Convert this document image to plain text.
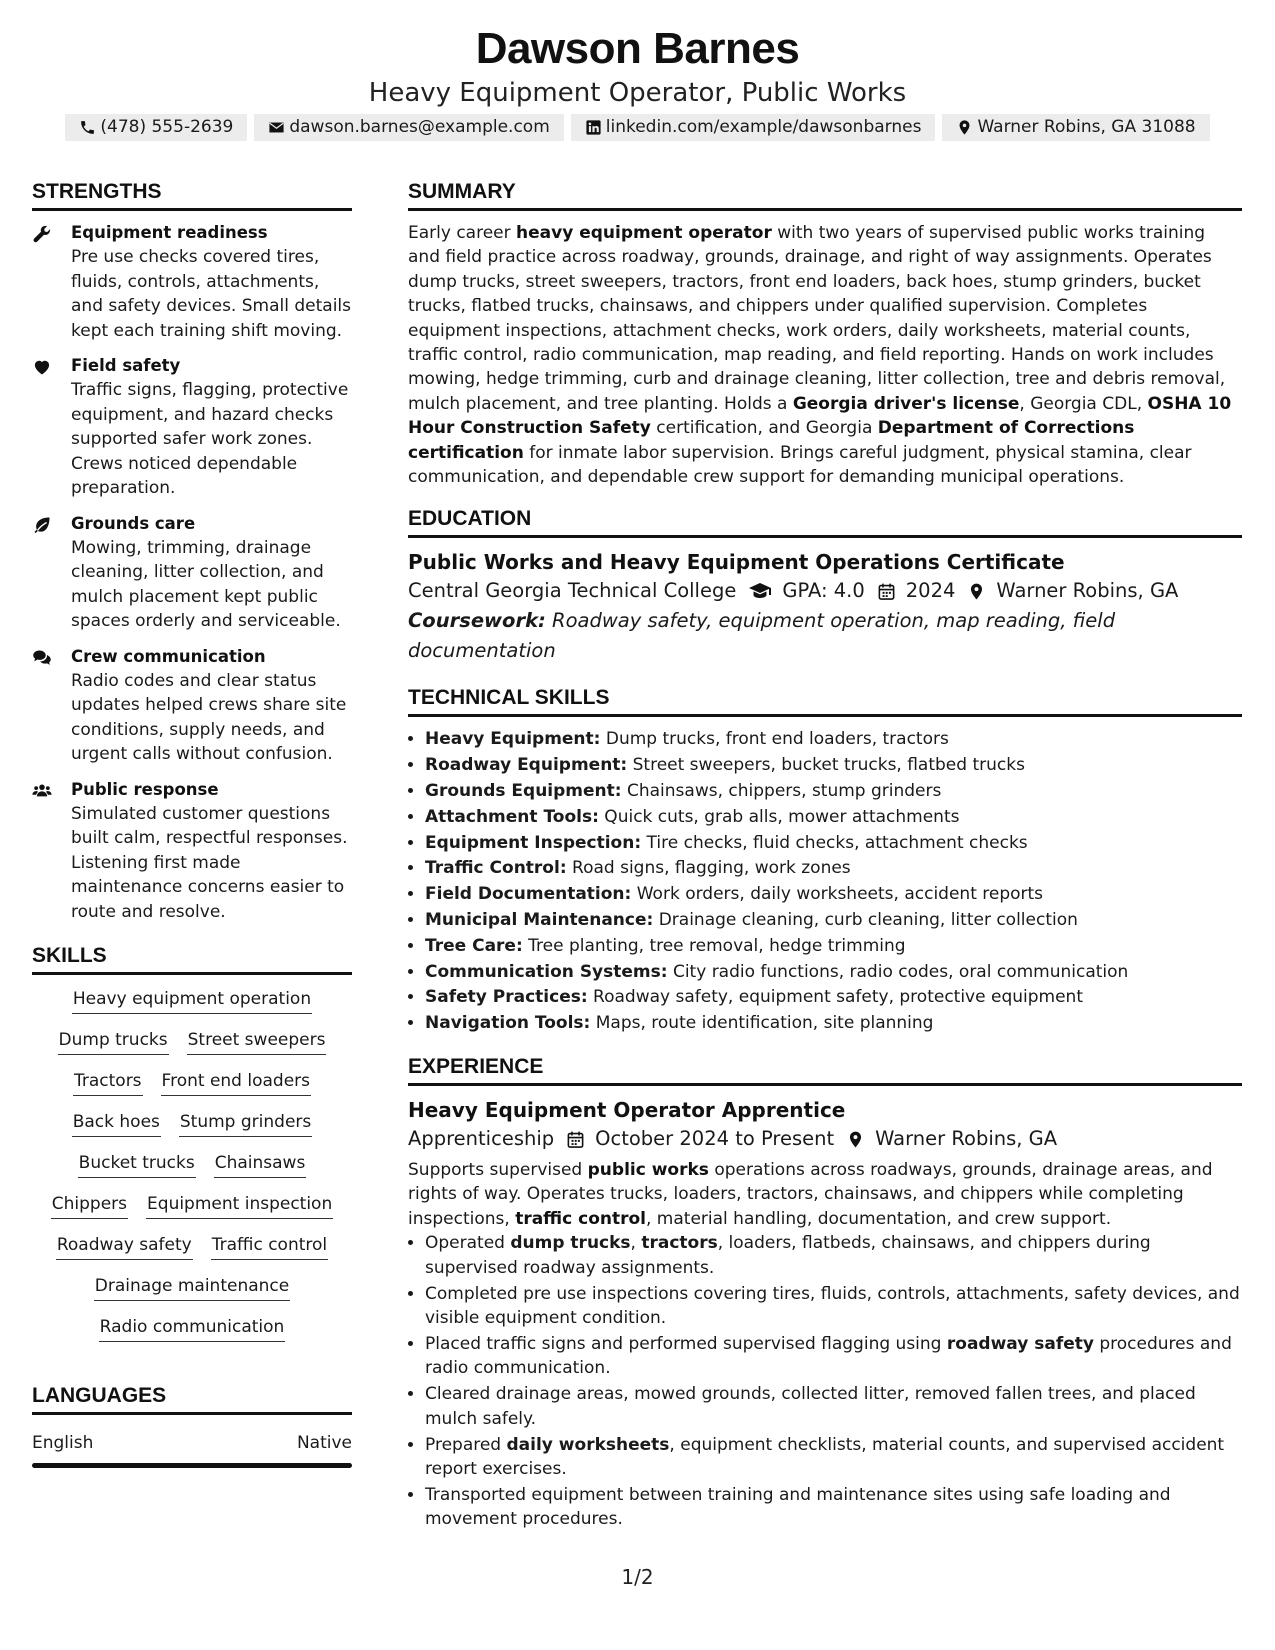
Dawson Barnes
Heavy Equipment Operator, Public Works
(478) 555-2639	dawson.barnes@example.com	linkedin.com/example/dawsonbarnes	Warner Robins, GA 31088
STRENGTHS
Equipment readiness
Pre use checks covered tires, fluids, controls, attachments, and safety devices. Small details kept each training shift moving.
Field safety
Traffic signs, flagging, protective equipment, and hazard checks supported safer work zones. Crews noticed dependable preparation.
Grounds care
Mowing, trimming, drainage cleaning, litter collection, and mulch placement kept public spaces orderly and serviceable.
Crew communication
Radio codes and clear status updates helped crews share site conditions, supply needs, and urgent calls without confusion.
Public response
Simulated customer questions built calm, respectful responses. Listening first made maintenance concerns easier to route and resolve.
SKILLS
Heavy equipment operation
Dump trucks Street sweepers
Tractors Front end loaders
Back hoes Stump grinders
Bucket trucks Chainsaws
Chippers Equipment inspection
Roadway safety Traffic control
Drainage maintenance
Radio communication
LANGUAGES
English	Native
SUMMARY

Early career heavy equipment operator with two years of supervised public works training and field practice across roadway, grounds, drainage, and right of way assignments. Operates dump trucks, street sweepers, tractors, front end loaders, back hoes, stump grinders, bucket trucks, flatbed trucks, chainsaws, and chippers under qualified supervision. Completes equipment inspections, attachment checks, work orders, daily worksheets, material counts, traffic control, radio communication, map reading, and field reporting. Hands on work includes mowing, hedge trimming, curb and drainage cleaning, litter collection, tree and debris removal, mulch placement, and tree planting. Holds a Georgia driver's license, Georgia CDL, OSHA 10 Hour Construction Safety certification, and Georgia Department of Corrections certification for inmate labor supervision. Brings careful judgment, physical stamina, clear communication, and dependable crew support for demanding municipal operations.

EDUCATION
Public Works and Heavy Equipment Operations Certificate
Central Georgia Technical College GPA: 4.0 2024 Warner Robins, GA
Coursework: Roadway safety, equipment operation, map reading, field documentation
TECHNICAL SKILLS
• Heavy Equipment: Dump trucks, front end loaders, tractors
• Roadway Equipment: Street sweepers, bucket trucks, flatbed trucks
• Grounds Equipment: Chainsaws, chippers, stump grinders
• Attachment Tools: Quick cuts, grab alls, mower attachments
• Equipment Inspection: Tire checks, fluid checks, attachment checks
• Traffic Control: Road signs, flagging, work zones
• Field Documentation: Work orders, daily worksheets, accident reports
• Municipal Maintenance: Drainage cleaning, curb cleaning, litter collection
• Tree Care: Tree planting, tree removal, hedge trimming
• Communication Systems: City radio functions, radio codes, oral communication
• Safety Practices: Roadway safety, equipment safety, protective equipment
• Navigation Tools: Maps, route identification, site planning
EXPERIENCE
Heavy Equipment Operator Apprentice
Apprenticeship October 2024 to Present Warner Robins, GA

Supports supervised public works operations across roadways, grounds, drainage areas, and rights of way. Operates trucks, loaders, tractors, chainsaws, and chippers while completing inspections, traffic control, material handling, documentation, and crew support.

• Operated dump trucks, tractors, loaders, flatbeds, chainsaws, and chippers during supervised roadway assignments.
• Completed pre use inspections covering tires, fluids, controls, attachments, safety devices, and visible equipment condition.
• Placed traffic signs and performed supervised flagging using roadway safety procedures and radio communication.
• Cleared drainage areas, mowed grounds, collected litter, removed fallen trees, and placed mulch safely.
• Prepared daily worksheets, equipment checklists, material counts, and supervised accident report exercises.
• Transported equipment between training and maintenance sites using safe loading and movement procedures.
1/2
